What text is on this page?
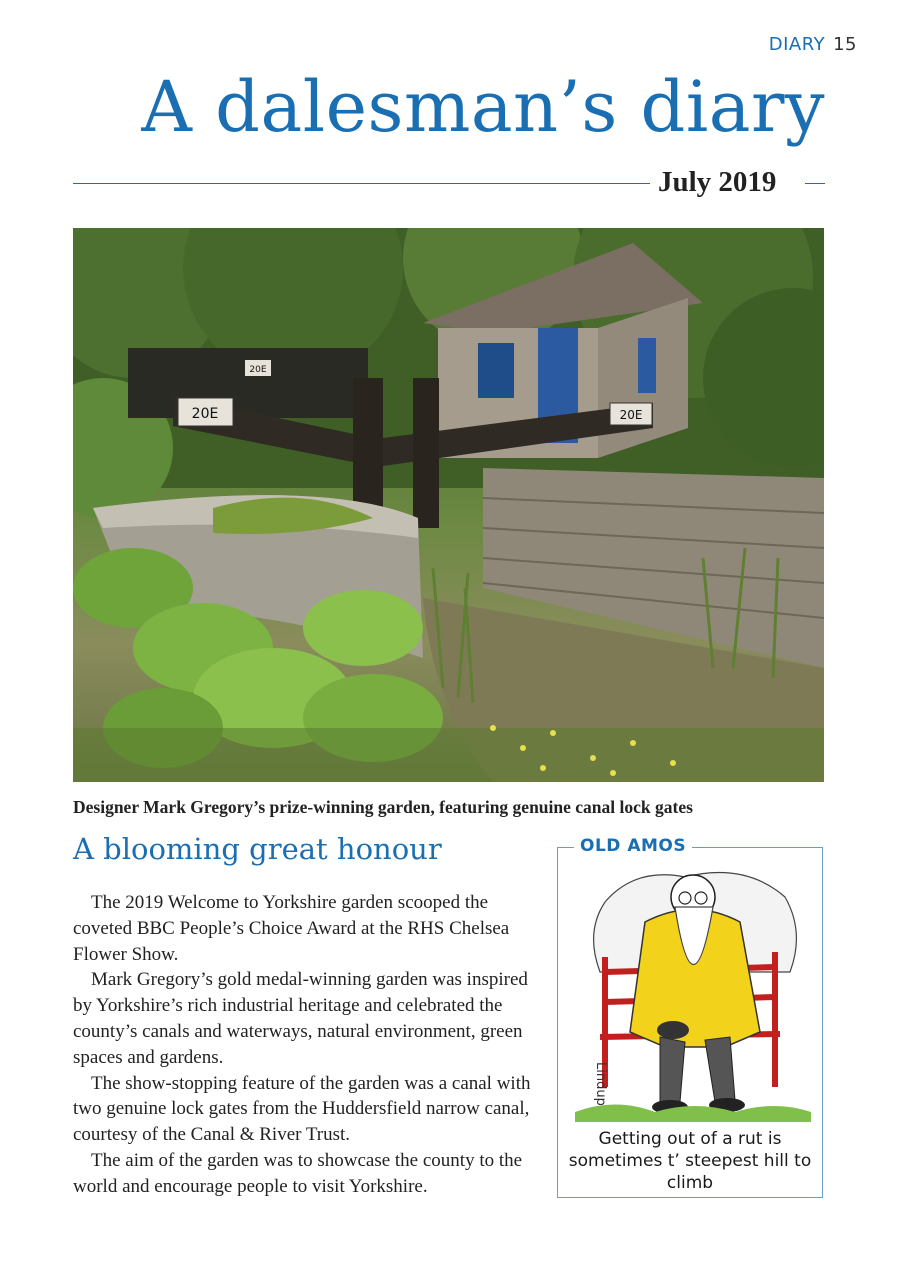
DIARY 15
A dalesman’s diary
July 2019
20E	20E
20E
Designer Mark Gregory’s prize-winning garden, featuring genuine canal lock gates
A blooming great honour

The 2019 Welcome to Yorkshire garden scooped the coveted BBC People’s Choice Award at the RHS Chelsea Flower Show.

Mark Gregory’s gold medal-winning garden was inspired by Yorkshire’s rich industrial heritage and celebrated the county’s canals and waterways, natural environment, green spaces and gardens.

The show-stopping feature of the garden was a canal with two genuine lock gates from the Huddersfield narrow canal, courtesy of the Canal & River Trust.

The aim of the garden was to showcase the county to the world and encourage people to visit Yorkshire.

OLD AMOS
Lindup
Getting out of a rut is sometimes t’ steepest hill to climb
